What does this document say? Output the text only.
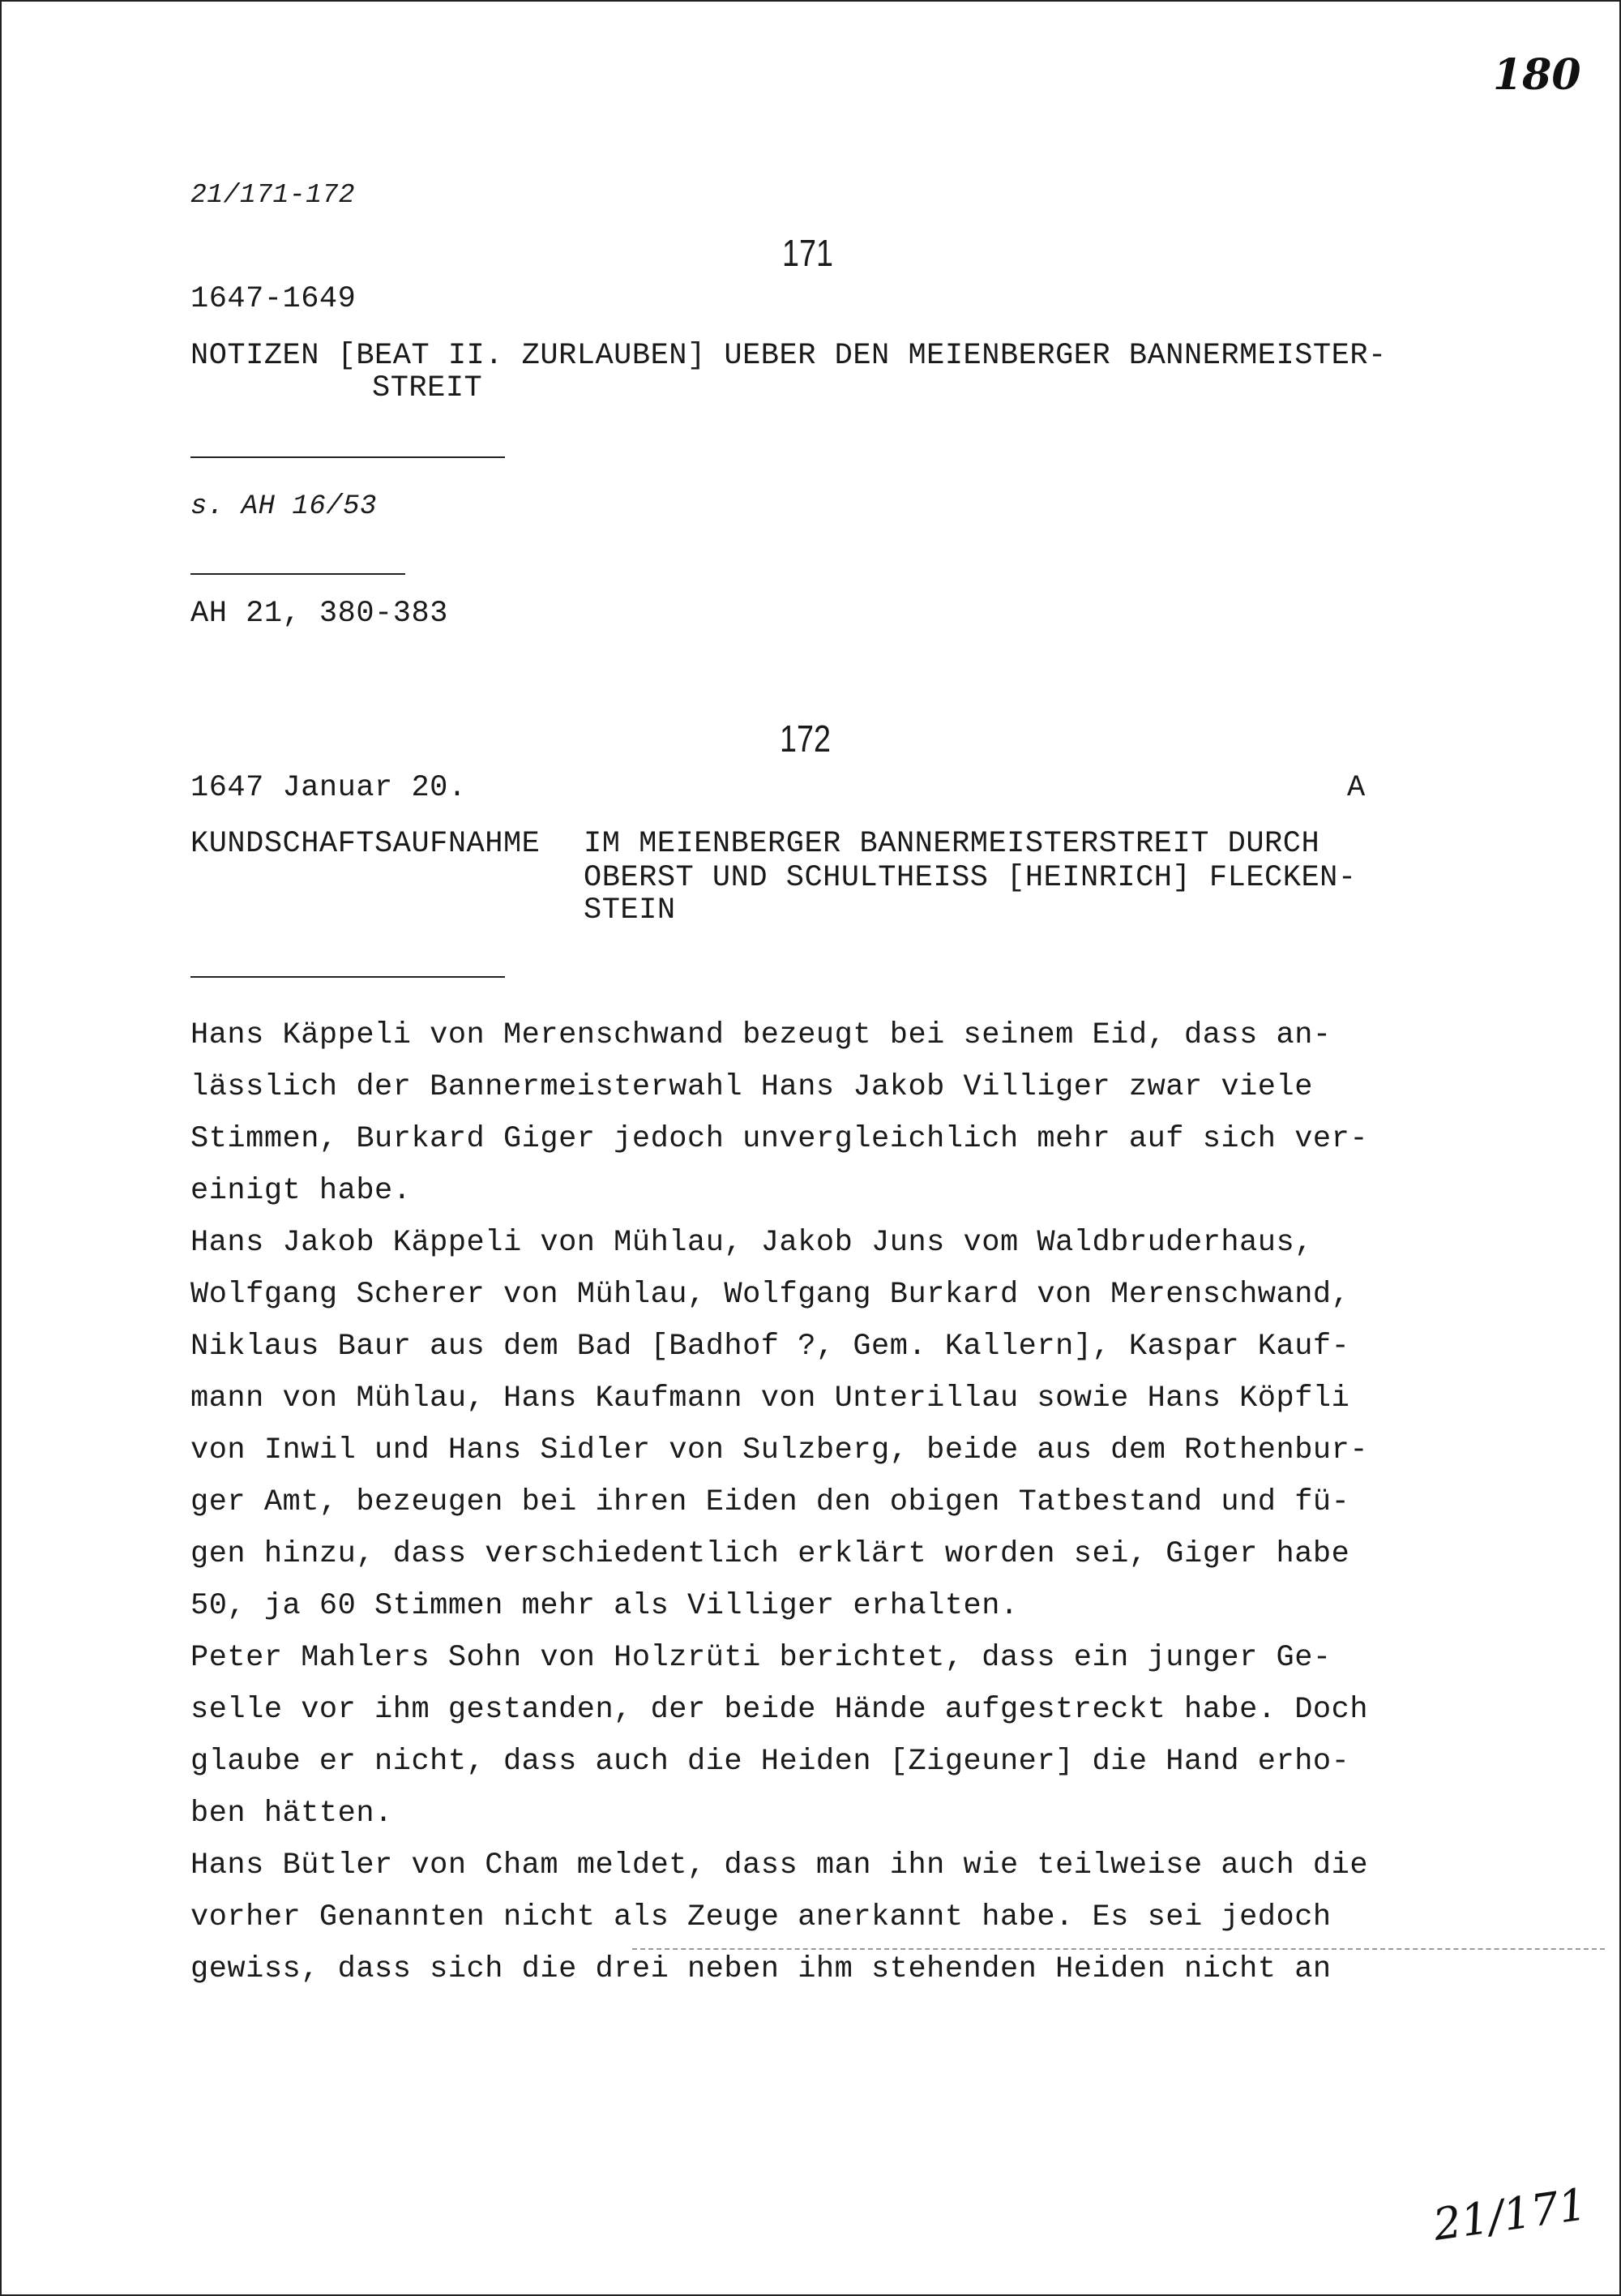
180
21/171-172
171
1647-1649
NOTIZEN [BEAT II. ZURLAUBEN] UEBER DEN MEIENBERGER BANNERMEISTER-
STREIT
s. AH 16/53
AH 21, 380-383
172
1647 Januar 20.	A
KUNDSCHAFTSAUFNAHME IM MEIENBERGER BANNERMEISTERSTREIT DURCH
OBERST UND SCHULTHEISS [HEINRICH] FLECKEN-
STEIN
Hans Käppeli von Merenschwand bezeugt bei seinem Eid, dass an-
lässlich der Bannermeisterwahl Hans Jakob Villiger zwar viele
Stimmen, Burkard Giger jedoch unvergleichlich mehr auf sich ver-
einigt habe.
Hans Jakob Käppeli von Mühlau, Jakob Juns vom Waldbruderhaus,
Wolfgang Scherer von Mühlau, Wolfgang Burkard von Merenschwand,
Niklaus Baur aus dem Bad [Badhof ?, Gem. Kallern], Kaspar Kauf-
mann von Mühlau, Hans Kaufmann von Unterillau sowie Hans Köpfli
von Inwil und Hans Sidler von Sulzberg, beide aus dem Rothenbur-
ger Amt, bezeugen bei ihren Eiden den obigen Tatbestand und fü-
gen hinzu, dass verschiedentlich erklärt worden sei, Giger habe
50, ja 60 Stimmen mehr als Villiger erhalten.
Peter Mahlers Sohn von Holzrüti berichtet, dass ein junger Ge-
selle vor ihm gestanden, der beide Hände aufgestreckt habe. Doch
glaube er nicht, dass auch die Heiden [Zigeuner] die Hand erho-
ben hätten.
Hans Bütler von Cham meldet, dass man ihn wie teilweise auch die
vorher Genannten nicht als Zeuge anerkannt habe. Es sei jedoch
gewiss, dass sich die drei neben ihm stehenden Heiden nicht an
21/171
